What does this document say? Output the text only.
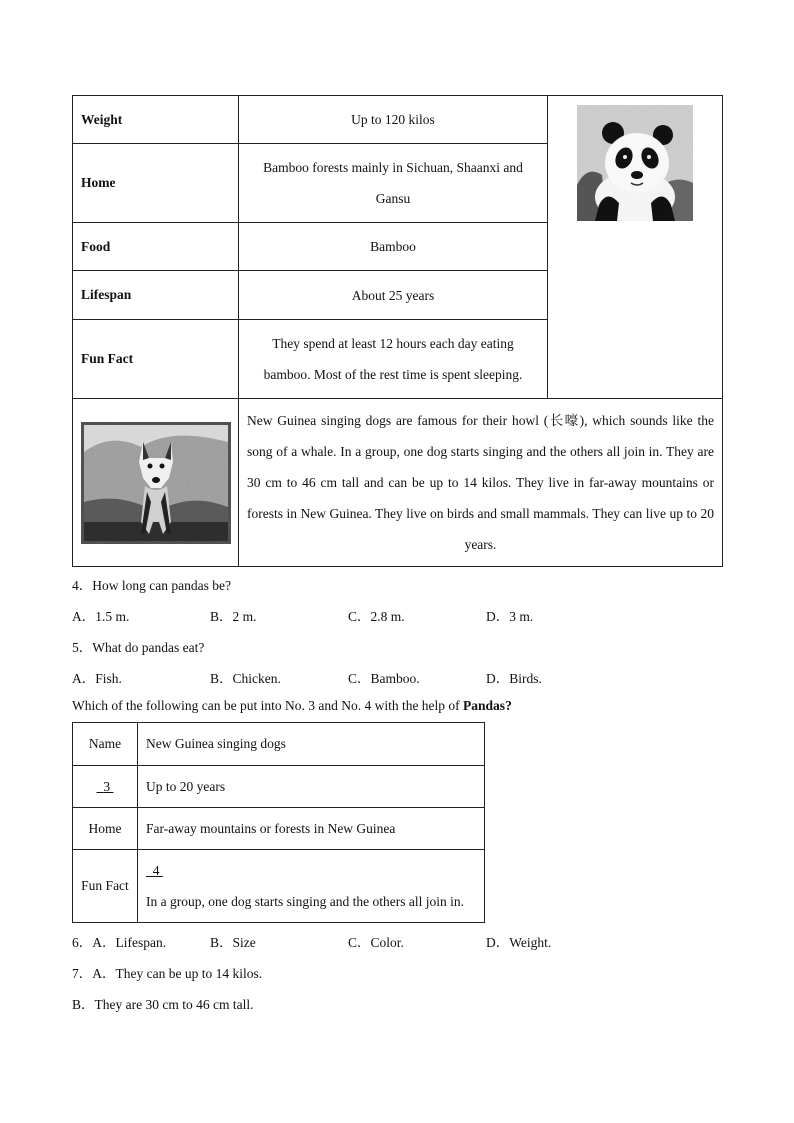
Weight	Up to 120 kilos	
Home	Bamboo forests mainly in Sichuan, Shaanxi and Gansu	
Food	Bamboo	
Lifespan	About 25 years	
Fun Fact	They spend at least 12 hours each day eating bamboo. Most of the rest time is spent sleeping.	

	New Guinea singing dogs are famous for their howl (长嚎), which sounds like the song of a whale. In a group, one dog starts singing and the others all join in. They are 30 cm to 46 cm tall and can be up to 14 kilos. They live in far-away mountains or forests in New Guinea. They live on birds and small mammals. They can live up to 20 years.	
4．How long can pandas be?
A．1.5 m.	B．2 m.	C．2.8 m.	D．3 m.
5．What do pandas eat?
A．Fish.	B．Chicken.	C．Bamboo.	D．Birds.
Which of the following can be put into No. 3 and No. 4 with the help of Pandas?
Name	New Guinea singing dogs
3	Up to 20 years
Home	Far-away mountains or forests in New Guinea
Fun Fact	4
In a group, one dog starts singing and the others all join in.
6．A．Lifespan.	B．Size	C．Color.	D．Weight.
7．A．They can be up to 14 kilos.
B．They are 30 cm to 46 cm tall.
